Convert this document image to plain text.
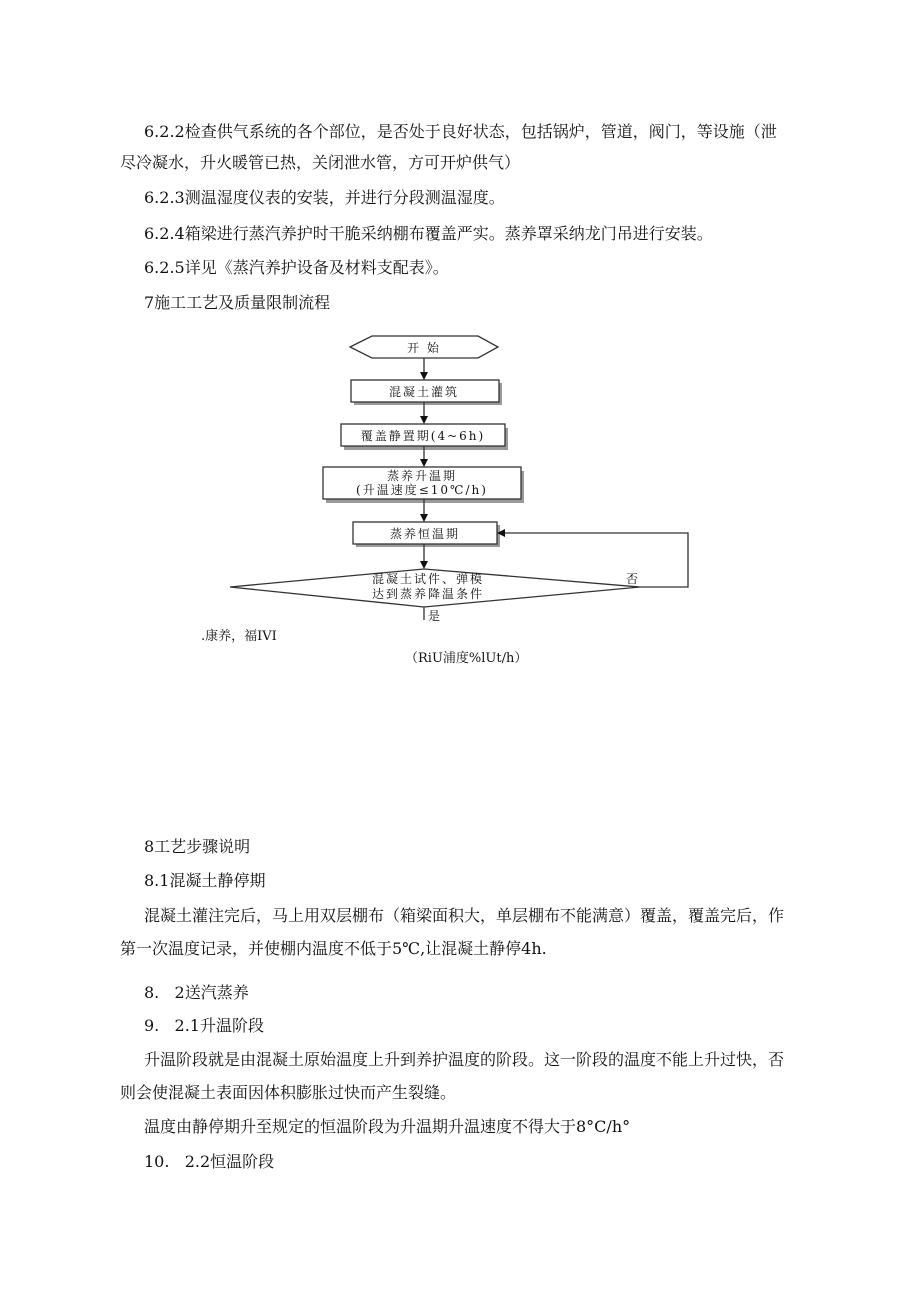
6.2.2检查供气系统的各个部位，是否处于良好状态，包括锅炉，管道，阀门，等设施（泄
尽冷凝水，升火暖管已热，关闭泄水管，方可开炉供气）
6.2.3测温湿度仪表的安装，并进行分段测温湿度。
6.2.4箱梁进行蒸汽养护时干脆采纳棚布覆盖严实。蒸养罩采纳龙门吊进行安装。
6.2.5详见《蒸汽养护设备及材料支配表》。
7施工工艺及质量限制流程
开 始
混凝土灌筑
覆盖静置期(4~6h)
蒸养升温期
(升温速度≤10℃/h)
蒸养恒温期
混凝土试件、弹模
达到蒸养降温条件
否
是
.康养，福IVI
（RiU浦度%lUt/h）
8工艺步骤说明
8.1混凝土静停期
混凝土灌注完后，马上用双层棚布（箱梁面积大，单层棚布不能满意）覆盖，覆盖完后，作
第一次温度记录，并使棚内温度不低于5℃,让混凝土静停4h.
8.   2送汽蒸养
9.   2.1升温阶段
升温阶段就是由混凝土原始温度上升到养护温度的阶段。这一阶段的温度不能上升过快，否
则会使混凝土表面因体积膨胀过快而产生裂缝。
温度由静停期升至规定的恒温阶段为升温期升温速度不得大于8°C/h°
10.   2.2恒温阶段
